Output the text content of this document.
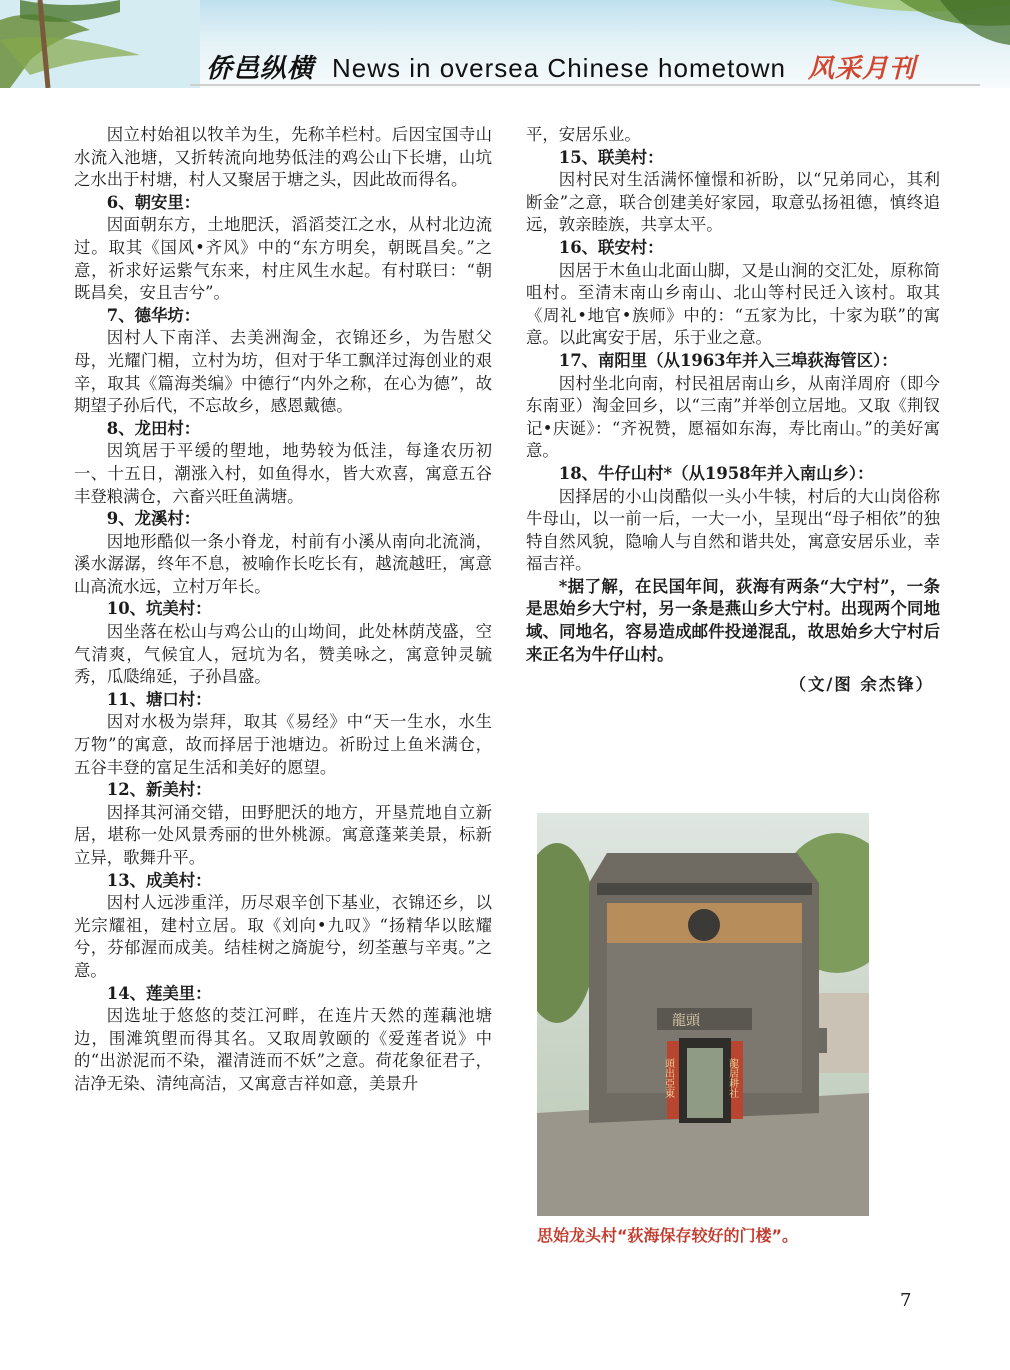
侨邑纵横 News in oversea Chinese hometown 风采月刊

因立村始祖以牧羊为生，先称羊栏村。后因宝国寺山水流入池塘，又折转流向地势低洼的鸡公山下长塘，山坑之水出于村塘，村人又聚居于塘之头，因此故而得名。

6、朝安里：

因面朝东方，土地肥沃，滔滔茭江之水，从村北边流过。取其《国风•齐风》中的“东方明矣，朝既昌矣。”之意，祈求好运紫气东来，村庄风生水起。有村联曰：“朝既昌矣，安且吉兮”。

7、德华坊：

因村人下南洋、去美洲淘金，衣锦还乡，为告慰父母，光耀门楣，立村为坊，但对于华工飘洋过海创业的艰辛，取其《篇海类编》中德行“内外之称，在心为德”，故期望子孙后代，不忘故乡，感恩戴德。

8、龙田村：

因筑居于平缓的塱地，地势较为低洼，每逢农历初一、十五日，潮涨入村，如鱼得水，皆大欢喜，寓意五谷丰登粮满仓，六畜兴旺鱼满塘。

9、龙溪村：

因地形酷似一条小脊龙，村前有小溪从南向北流淌，溪水潺潺，终年不息，被喻作长吃长有，越流越旺，寓意山高流水远，立村万年长。

10、坑美村：

因坐落在松山与鸡公山的山坳间，此处林荫茂盛，空气清爽，气候宜人，冠坑为名，赞美咏之，寓意钟灵毓秀，瓜瓞绵延，子孙昌盛。

11、塘口村：

因对水极为崇拜，取其《易经》中“天一生水，水生万物”的寓意，故而择居于池塘边。祈盼过上鱼米满仓，五谷丰登的富足生活和美好的愿望。

12、新美村：

因择其河涌交错，田野肥沃的地方，开垦荒地自立新居，堪称一处风景秀丽的世外桃源。寓意蓬莱美景，标新立异，歌舞升平。

13、成美村：

因村人远涉重洋，历尽艰辛创下基业，衣锦还乡，以光宗耀祖，建村立居。取《刘向•九叹》“扬精华以眩耀兮，芬郁渥而成美。结桂树之旖旎兮，纫荃蕙与辛夷。”之意。

14、莲美里：

因选址于悠悠的茭江河畔，在连片天然的莲藕池塘边，围滩筑塱而得其名。又取周敦颐的《爱莲者说》中的“出淤泥而不染，濯清涟而不妖”之意。荷花象征君子，洁净无染、清纯高洁，又寓意吉祥如意，美景升

平，安居乐业。

15、联美村：

因村民对生活满怀憧憬和祈盼，以“兄弟同心，其利断金”之意，联合创建美好家园，取意弘扬祖德，慎终追远，敦亲睦族，共享太平。

16、联安村：

因居于木鱼山北面山脚，又是山涧的交汇处，原称简咀村。至清末南山乡南山、北山等村民迁入该村。取其《周礼•地官•族师》中的：“五家为比，十家为联”的寓意。以此寓安于居，乐于业之意。

17、南阳里（从1963年并入三埠荻海管区）：

因村坐北向南，村民祖居南山乡，从南洋周府（即今东南亚）淘金回乡，以“三南”并举创立居地。又取《荆钗记•庆诞》：“齐祝赞，愿福如东海，寿比南山。”的美好寓意。

18、牛仔山村*（从1958年并入南山乡）：

因择居的小山岗酷似一头小牛犊，村后的大山岗俗称牛母山，以一前一后，一大一小，呈现出“母子相依”的独特自然风貌，隐喻人与自然和谐共处，寓意安居乐业，幸福吉祥。

*据了解，在民国年间，荻海有两条“大宁村”，一条是思始乡大宁村，另一条是燕山乡大宁村。出现两个同地域、同地名，容易造成邮件投递混乱，故思始乡大宁村后来正名为牛仔山村。

（文/图 余杰锋）

龍頭
頭出亞東	龍居耕社
思始龙头村“荻海保存较好的门楼”。
7
